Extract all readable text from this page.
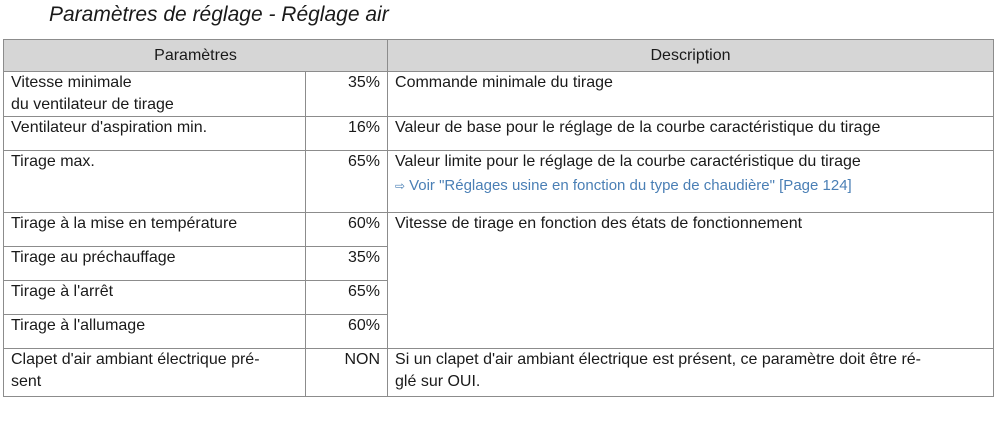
Paramètres de réglage - Réglage air
Paramètres		Description
Vitesse minimale
du ventilateur de tirage	35%	Commande minimale du tirage
Ventilateur d'aspiration min.	16%	Valeur de base pour le réglage de la courbe caractéristique du tirage
Tirage max.	65%	Valeur limite pour le réglage de la courbe caractéristique du tirage
⇨ Voir "Réglages usine en fonction du type de chaudière" [Page 124]

Tirage à la mise en température	60%	Vitesse de tirage en fonction des états de fonctionnement
Tirage au préchauffage	35%	
Tirage à l'arrêt	65%	
Tirage à l'allumage	60%	
Clapet d'air ambiant électrique pré-
sent	NON	Si un clapet d'air ambiant électrique est présent, ce paramètre doit être ré-
glé sur OUI.
